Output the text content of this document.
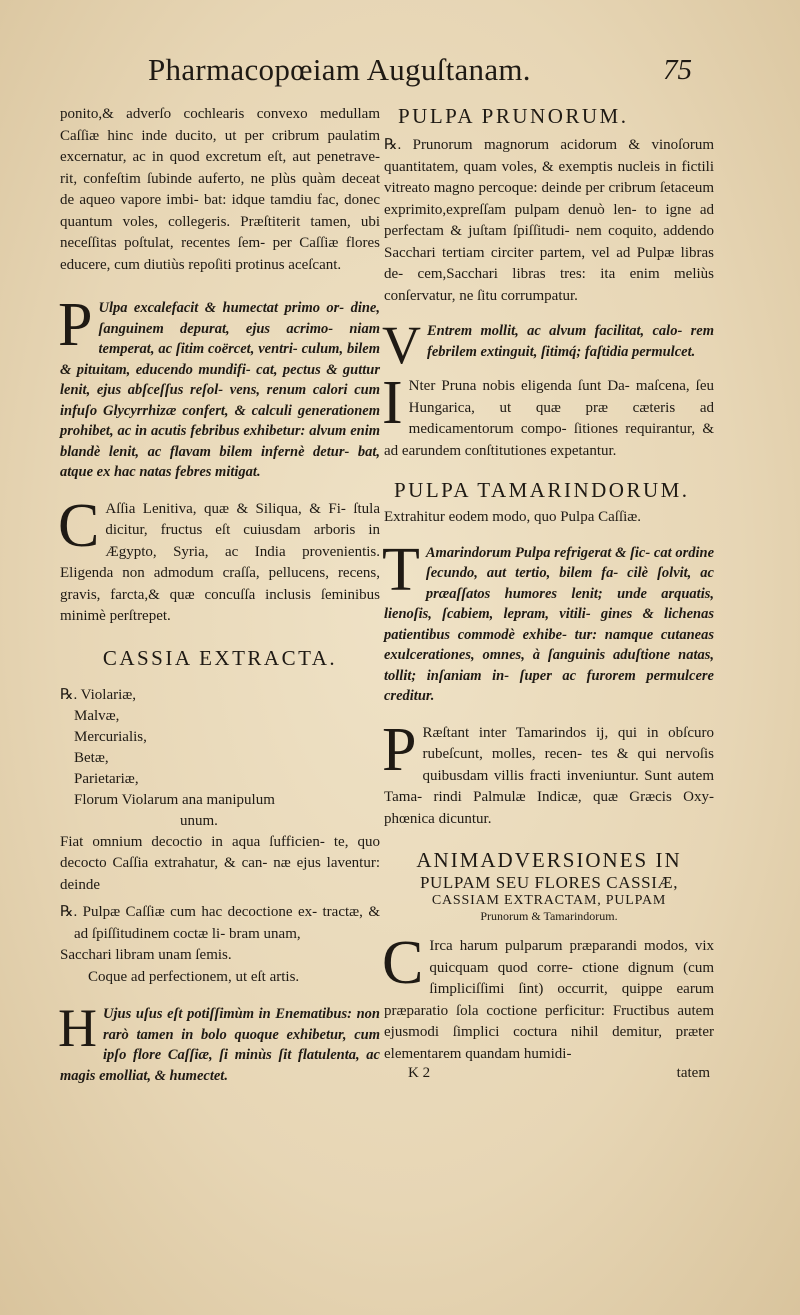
Pharmacopœiam Auguſtanam.	75

ponito,& adverſo cochlearis convexo medullam Caſſiæ hinc inde ducito, ut per cribrum paulatim excernatur, ac in quod excretum eſt, aut penetrave- rit, confeſtim ſubinde auferto, ne plùs quàm deceat de aqueo vapore imbi- bat: idque tamdiu fac, donec quantum voles, collegeris. Præſtiterit tamen, ubi neceſſitas poſtulat, recentes ſem- per Caſſiæ flores educere, cum diutiùs repoſiti protinus aceſcant.

P Ulpa excalefacit & humectat primo or- dine, ſanguinem depurat, ejus acrimo- niam temperat, ac ſitim coërcet, ventri- culum, bilem & pituitam, educendo mundifi- cat, pectus & guttur lenit, ejus abſceſſus reſol- vens, renum calori cum infuſo Glycyrrhizæ confert, & calculi generationem prohibet, ac in acutis febribus exhibetur: alvum enim blandè lenit, ac flavam bilem infernè detur- bat, atque ex hac natas febres mitigat.

C Aſſia Lenitiva, quæ & Siliqua, & Fi- ſtula dicitur, fructus eſt cuiusdam arboris in Ægypto, Syria, ac India provenientis. Eligenda non admodum craſſa, pellucens, recens, gravis, farcta,& quæ concuſſa inclusis ſeminibus minimè perſtrepet.

CASSIA EXTRACTA.
℞. Violariæ,
Malvæ,
Mercurialis,
Betæ,
Parietariæ,
Florum Violarum ana manipulum
unum.

Fiat omnium decoctio in aqua ſufficien- te, quo decocto Caſſia extrahatur, & can- næ ejus laventur: deinde

℞. Pulpæ Caſſiæ cum hac decoctione ex- tractæ, & ad ſpiſſitudinem coctæ li- bram unam,

Sacchari libram unam ſemis.

Coque ad perfectionem, ut eſt artis.

H Ujus uſus eſt potiſſimùm in Enematibus: non rarò tamen in bolo quoque exhibetur, cum ipſo flore Caſſiæ, ſi minùs ſit flatulenta, ac magis emolliat, & humectet.

PULPA PRUNORUM.

℞. Prunorum magnorum acidorum & vinoſorum quantitatem, quam voles, & exemptis nucleis in fictili vitreato magno percoque: deinde per cribrum ſetaceum exprimito,expreſſam pulpam denuò len- to igne ad perfectam & juſtam ſpiſſitudi- nem coquito, addendo Sacchari tertiam circiter partem, vel ad Pulpæ libras de- cem,Sacchari libras tres: ita enim meliùs conſervatur, ne ſitu corrumpatur.

V Entrem mollit, ac alvum facilitat, calo- rem febrilem extinguit, ſitimq́; faſtidia permulcet.

I Nter Pruna nobis eligenda ſunt Da- maſcena, ſeu Hungarica, ut quæ præ cæteris ad medicamentorum compo- ſitiones requirantur, & ad earundem conſtitutiones expetantur.

PULPA TAMARINDORUM.

Extrahitur eodem modo, quo Pulpa Caſſiæ.

T Amarindorum Pulpa refrigerat & ſic- cat ordine ſecundo, aut tertio, bilem fa- cilè ſolvit, ac præaſſatos humores lenit; unde arquatis, lienoſis, ſcabiem, lepram, vitili- gines & lichenas patientibus commodè exhibe- tur: namque cutaneas exulcerationes, omnes, à ſanguinis aduſtione natas, tollit; inſaniam in- ſuper ac furorem permulcere creditur.

P Ræſtant inter Tamarindos ij, qui in obſcuro rubeſcunt, molles, recen- tes & qui nervoſis quibusdam villis fracti inveniuntur. Sunt autem Tama- rindi Palmulæ Indicæ, quæ Græcis Oxy- phœnica dicuntur.

ANIMADVERSIONES IN
PULPAM SEU FLORES CASSIÆ,
CASSIAM EXTRACTAM, PULPAM
Prunorum & Tamarindorum.
C Irca harum pulparum præparandi modos, vix quicquam quod corre- ctione dignum (cum ſimpliciſſimi ſint) occurrit, quippe earum præparatio ſola coctione perficitur: Fructibus autem ejusmodi ſimplici coctura nihil demitur, præter elementarem quandam humidi-

K 2	tatem
